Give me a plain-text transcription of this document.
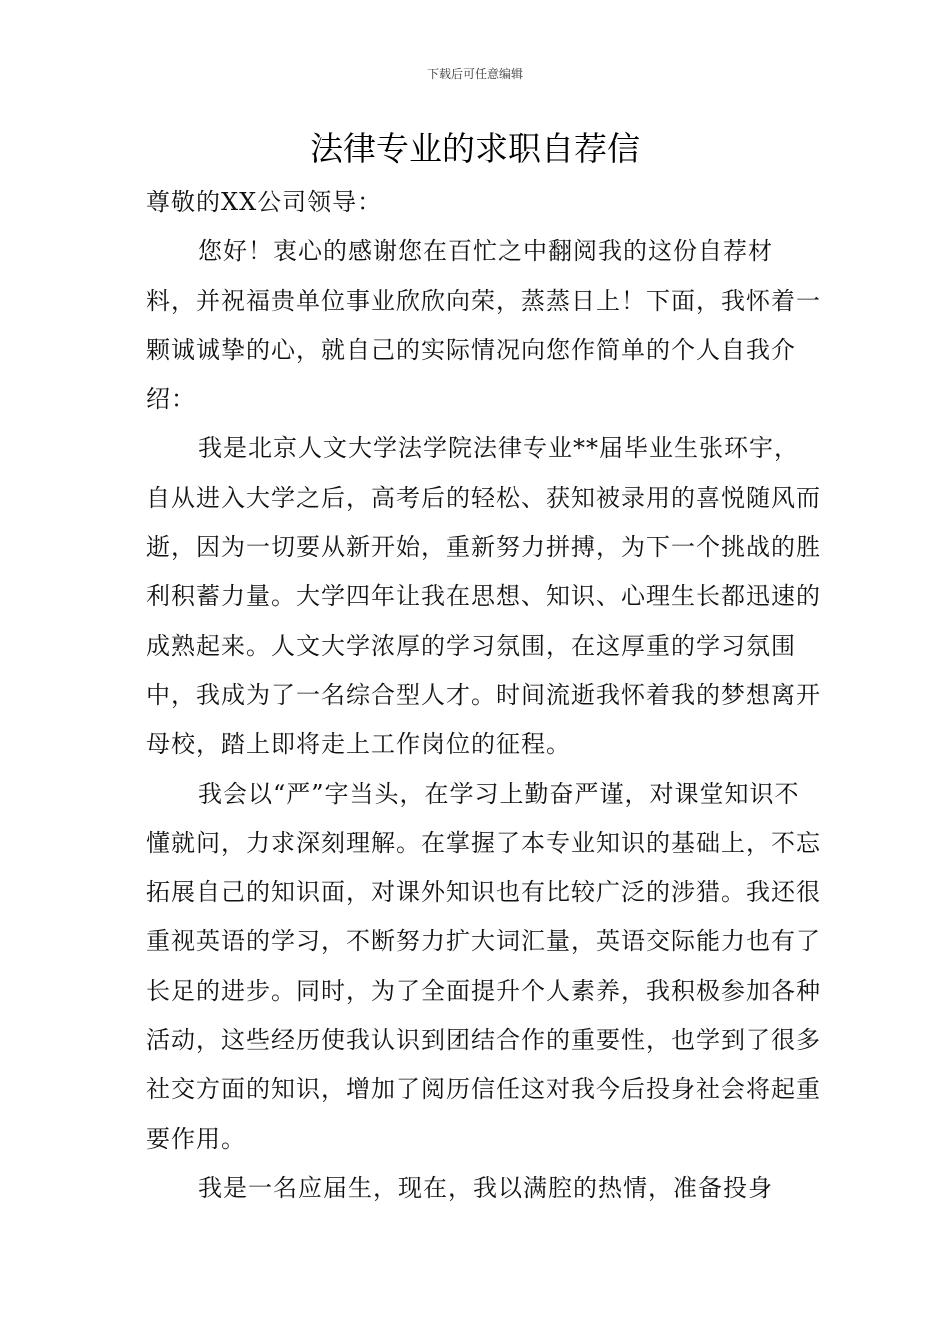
下载后可任意编辑
法律专业的求职自荐信

尊敬的XX公司领导：

您好！衷心的感谢您在百忙之中翻阅我的这份自荐材料，并祝福贵单位事业欣欣向荣，蒸蒸日上！下面，我怀着一颗诚诚挚的心，就自己的实际情况向您作简单的个人自我介绍：

我是北京人文大学法学院法律专业**届毕业生张环宇，自从进入大学之后，高考后的轻松、获知被录用的喜悦随风而逝，因为一切要从新开始，重新努力拼搏，为下一个挑战的胜利积蓄力量。大学四年让我在思想、知识、心理生长都迅速的成熟起来。人文大学浓厚的学习氛围，在这厚重的学习氛围中，我成为了一名综合型人才。时间流逝我怀着我的梦想离开母校，踏上即将走上工作岗位的征程。

我会以“严”字当头，在学习上勤奋严谨，对课堂知识不懂就问，力求深刻理解。在掌握了本专业知识的基础上，不忘拓展自己的知识面，对课外知识也有比较广泛的涉猎。我还很重视英语的学习，不断努力扩大词汇量，英语交际能力也有了长足的进步。同时，为了全面提升个人素养，我积极参加各种活动，这些经历使我认识到团结合作的重要性，也学到了很多社交方面的知识，增加了阅历信任这对我今后投身社会将起重要作用。

我是一名应届生，现在，我以满腔的热情，准备投身
